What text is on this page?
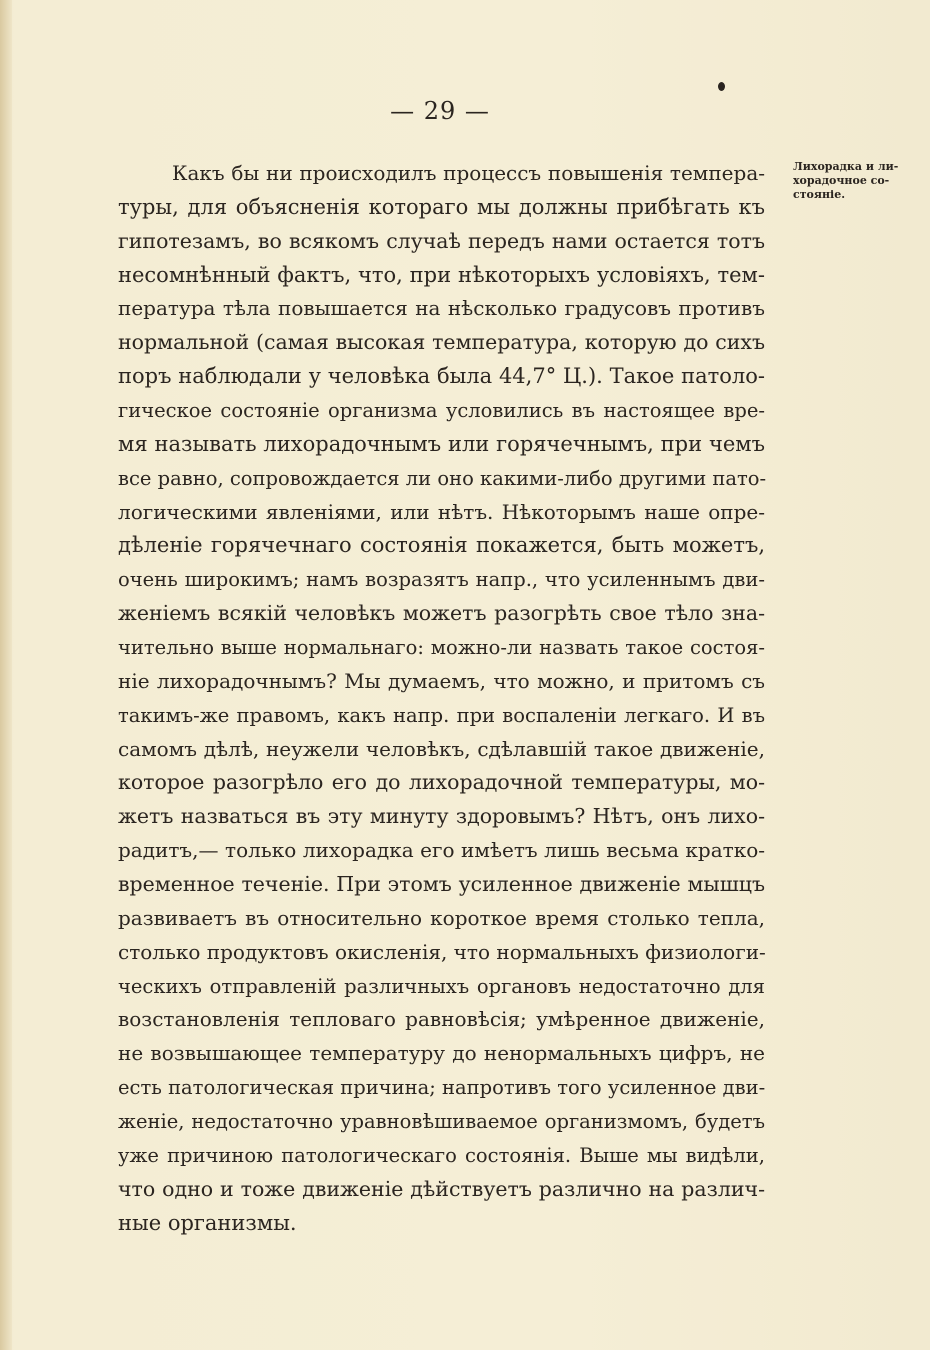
— 29 —
Лихорадка и ли-
хорадочное со-
стояніе.
Какъ бы ни происходилъ процессъ повышенія темпера-
туры, для объясненія котораго мы должны прибѣгать къ
гипотезамъ, во всякомъ случаѣ передъ нами остается тотъ
несомнѣнный фактъ, что, при нѣкоторыхъ условіяхъ, тем-
пература тѣла повышается на нѣсколько градусовъ противъ
нормальной (самая высокая температура, которую до сихъ
поръ наблюдали у человѣка была 44,7° Ц.). Такое патоло-
гическое состояніе организма условились въ настоящее вре-
мя называть лихорадочнымъ или горячечнымъ, при чемъ
все равно, сопровождается ли оно какими-либо другими пато-
логическими явленіями, или нѣтъ. Нѣкоторымъ наше опре-
дѣленіе горячечнаго состоянія покажется, быть можетъ,
очень широкимъ; намъ возразятъ напр., что усиленнымъ дви-
женіемъ всякій человѣкъ можетъ разогрѣть свое тѣло зна-
чительно выше нормальнаго: можно-ли назвать такое состоя-
ніе лихорадочнымъ? Мы думаемъ, что можно, и притомъ съ
такимъ-же правомъ, какъ напр. при воспаленіи легкаго. И въ
самомъ дѣлѣ, неужели человѣкъ, сдѣлавшій такое движеніе,
которое разогрѣло его до лихорадочной температуры, мо-
жетъ назваться въ эту минуту здоровымъ? Нѣтъ, онъ лихо-
радитъ,— только лихорадка его имѣетъ лишь весьма кратко-
временное теченіе. При этомъ усиленное движеніе мышцъ
развиваетъ въ относительно короткое время столько тепла,
столько продуктовъ окисленія, что нормальныхъ физиологи-
ческихъ отправленій различныхъ органовъ недостаточно для
возстановленія тепловаго равновѣсія; умѣренное движеніе,
не возвышающее температуру до ненормальныхъ цифръ, не
есть патологическая причина; напротивъ того усиленное дви-
женіе, недостаточно уравновѣшиваемое организмомъ, будетъ
уже причиною патологическаго состоянія. Выше мы видѣли,
что одно и тоже движеніе дѣйствуетъ различно на различ-
ные организмы.
